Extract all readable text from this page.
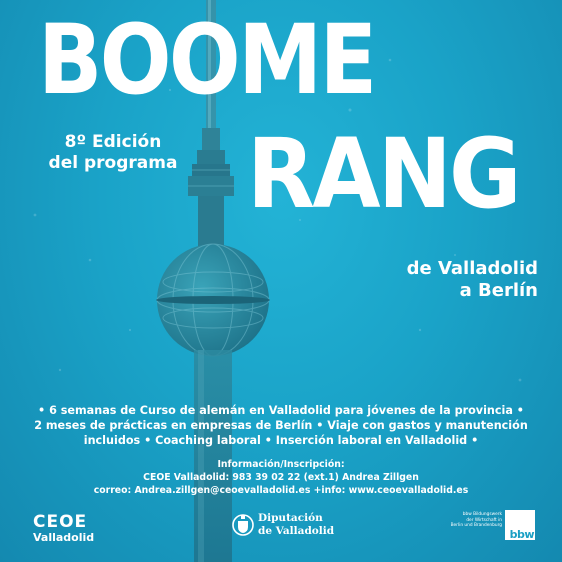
BOOME
RANG
8º Edición
del programa
de Valladolid
a Berlín
• 6 semanas de Curso de alemán en Valladolid para jóvenes de la provincia •
2 meses de prácticas en empresas de Berlín • Viaje con gastos y manutención
incluidos • Coaching laboral • Inserción laboral en Valladolid •
Información/Inscripción:
CEOE Valladolid: 983 39 02 22 (ext.1) Andrea Zillgen
correo: Andrea.zillgen@ceoevalladolid.es +info: www.ceoevalladolid.es
CEOE
Valladolid
Diputación
de Valladolid
bbw Bildungswerk
der Wirtschaft in
Berlin und Brandenburg
bbw
